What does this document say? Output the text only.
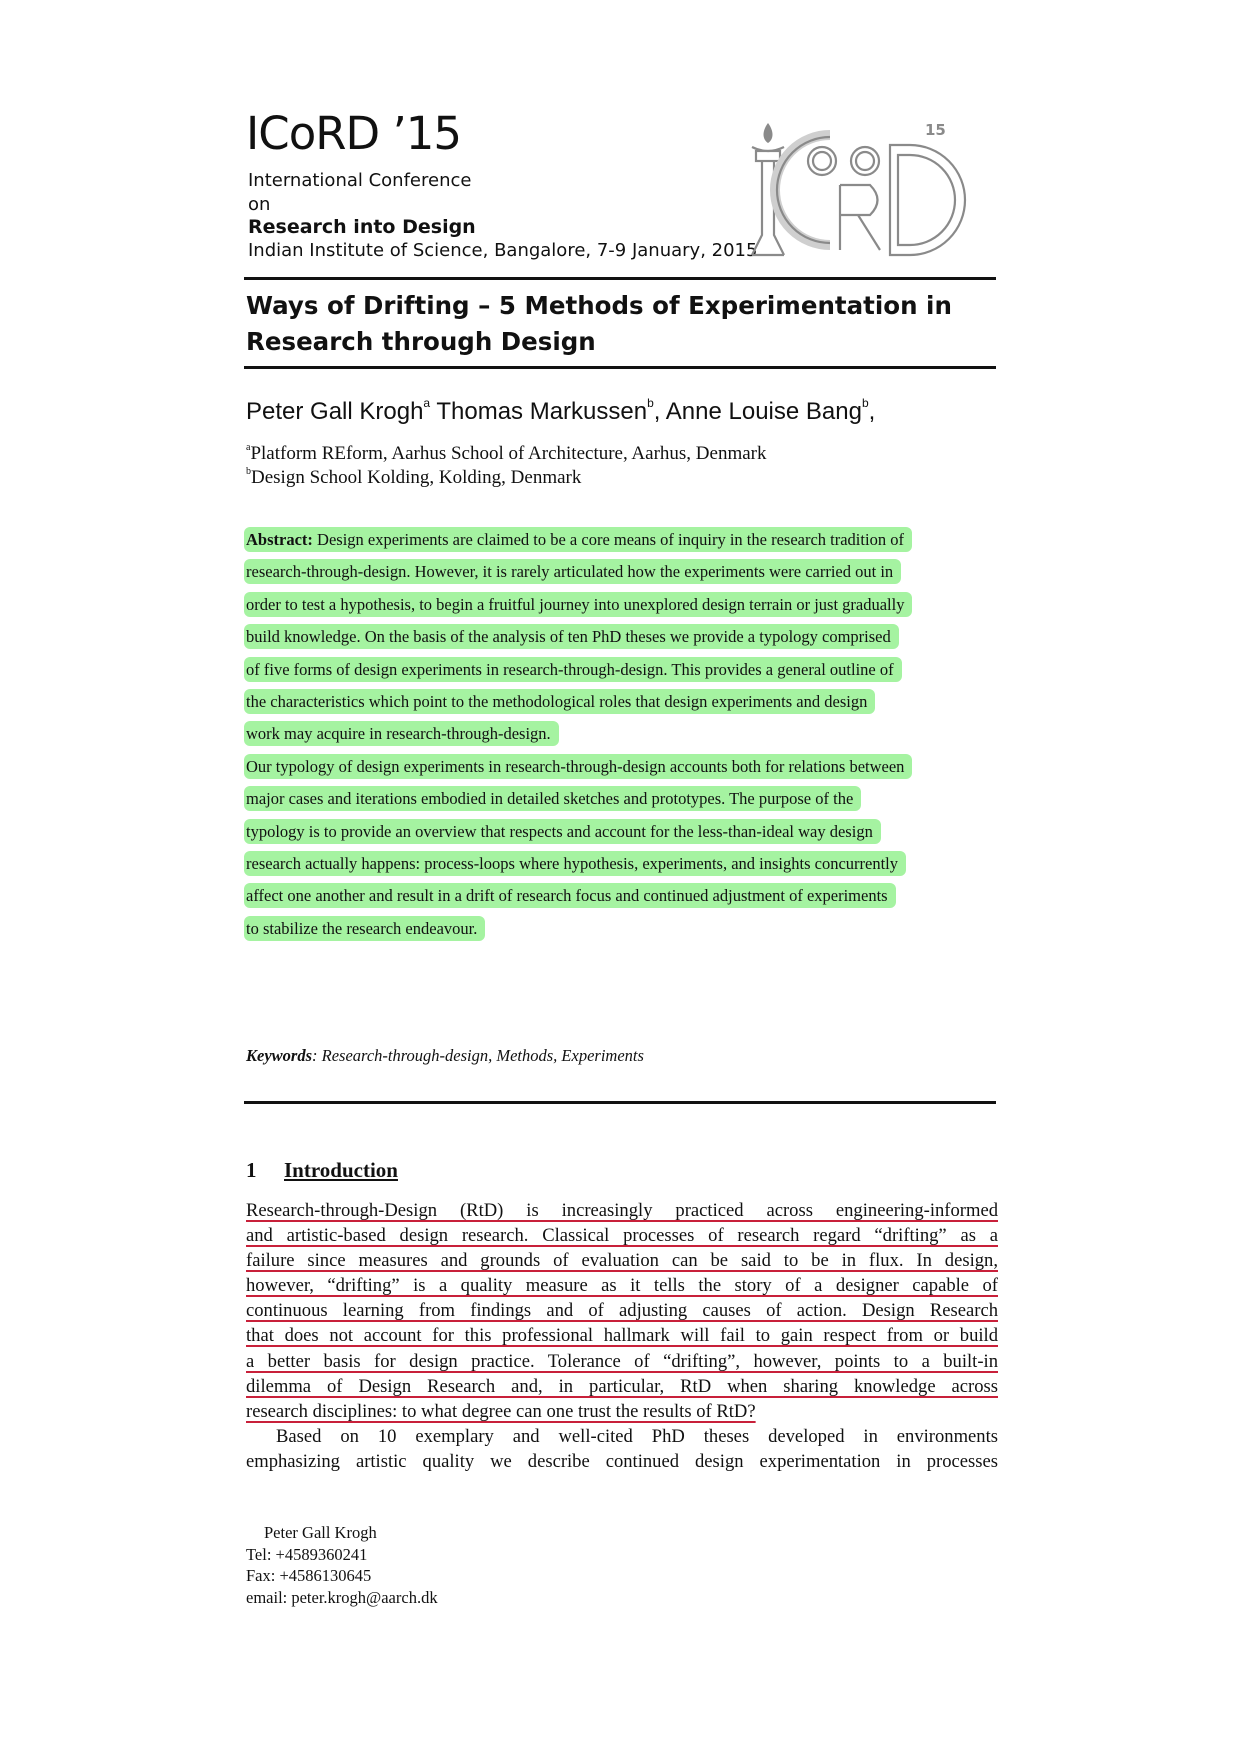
ICoRD ’15
International Conference
on
Research into Design
Indian Institute of Science, Bangalore, 7-9 January, 2015
15
Ways of Drifting – 5 Methods of Experimentation in Research through Design
Peter Gall Krogh$^a$ Thomas Markussen$^b$, Anne Louise Bang$^b$,
$^a$Platform REform, Aarhus School of Architecture, Aarhus, Denmark
$^b$Design School Kolding, Kolding, Denmark
Abstract: Design experiments are claimed to be a core means of inquiry in the research tradition of
research-through-design. However, it is rarely articulated how the experiments were carried out in
order to test a hypothesis, to begin a fruitful journey into unexplored design terrain or just gradually
build knowledge. On the basis of the analysis of ten PhD theses we provide a typology comprised
of five forms of design experiments in research-through-design. This provides a general outline of
the characteristics which point to the methodological roles that design experiments and design
work may acquire in research-through-design.
Our typology of design experiments in research-through-design accounts both for relations between
major cases and iterations embodied in detailed sketches and prototypes. The purpose of the
typology is to provide an overview that respects and account for the less-than-ideal way design
research actually happens: process-loops where hypothesis, experiments, and insights concurrently
affect one another and result in a drift of research focus and continued adjustment of experiments
to stabilize the research endeavour.
Keywords: Research-through-design, Methods, Experiments
1 Introduction
Research-through-Design (RtD) is increasingly practiced across engineering-informed
and artistic-based design research. Classical processes of research regard “drifting” as a
failure since measures and grounds of evaluation can be said to be in flux. In design,
however, “drifting” is a quality measure as it tells the story of a designer capable of
continuous learning from findings and of adjusting causes of action. Design Research
that does not account for this professional hallmark will fail to gain respect from or build
a better basis for design practice. Tolerance of “drifting”, however, points to a built-in
dilemma of Design Research and, in particular, RtD when sharing knowledge across
research disciplines: to what degree can one trust the results of RtD?
Based on 10 exemplary and well-cited PhD theses developed in environments
emphasizing artistic quality we describe continued design experimentation in processes
Peter Gall Krogh
Tel: +4589360241
Fax: +4586130645
email: peter.krogh@aarch.dk
